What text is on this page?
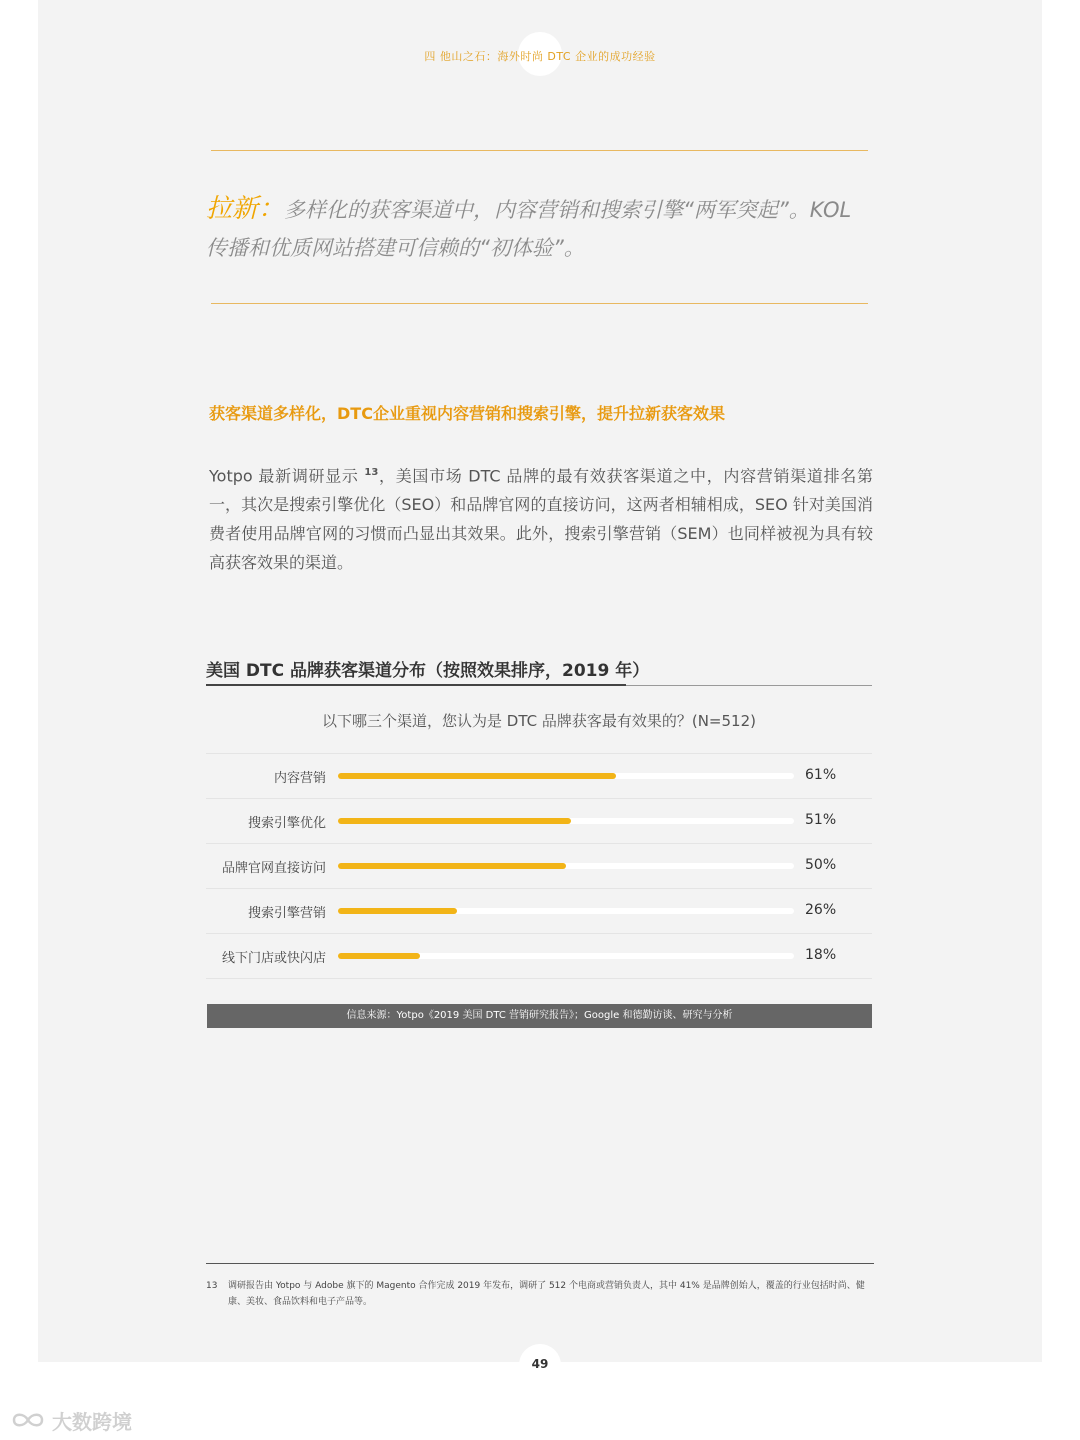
四 他山之石：海外时尚 DTC 企业的成功经验
拉新：多样化的获客渠道中，内容营销和搜索引擎“两军突起”。KOL 传播和优质网站搭建可信赖的“初体验”。
获客渠道多样化，DTC企业重视内容营销和搜索引擎，提升拉新获客效果
Yotpo 最新调研显示 $^{13}$，美国市场 DTC 品牌的最有效获客渠道之中，内容营销渠道排名第一，其次是搜索引擎优化（SEO）和品牌官网的直接访问，这两者相辅相成，SEO 针对美国消费者使用品牌官网的习惯而凸显出其效果。此外，搜索引擎营销（SEM）也同样被视为具有较高获客效果的渠道。
美国 DTC 品牌获客渠道分布（按照效果排序，2019 年）
以下哪三个渠道，您认为是 DTC 品牌获客最有效果的？(N=512)
内容营销	61%
搜索引擎优化	51%
品牌官网直接访问	50%
搜索引擎营销	26%
线下门店或快闪店	18%
信息来源：Yotpo《2019 美国 DTC 营销研究报告》；Google 和德勤访谈、研究与分析
13 调研报告由 Yotpo 与 Adobe 旗下的 Magento 合作完成 2019 年发布，调研了 512 个电商或营销负责人，其中 41% 是品牌创始人，覆盖的行业包括时尚、健康、美妆、食品饮料和电子产品等。
49
大数跨境
